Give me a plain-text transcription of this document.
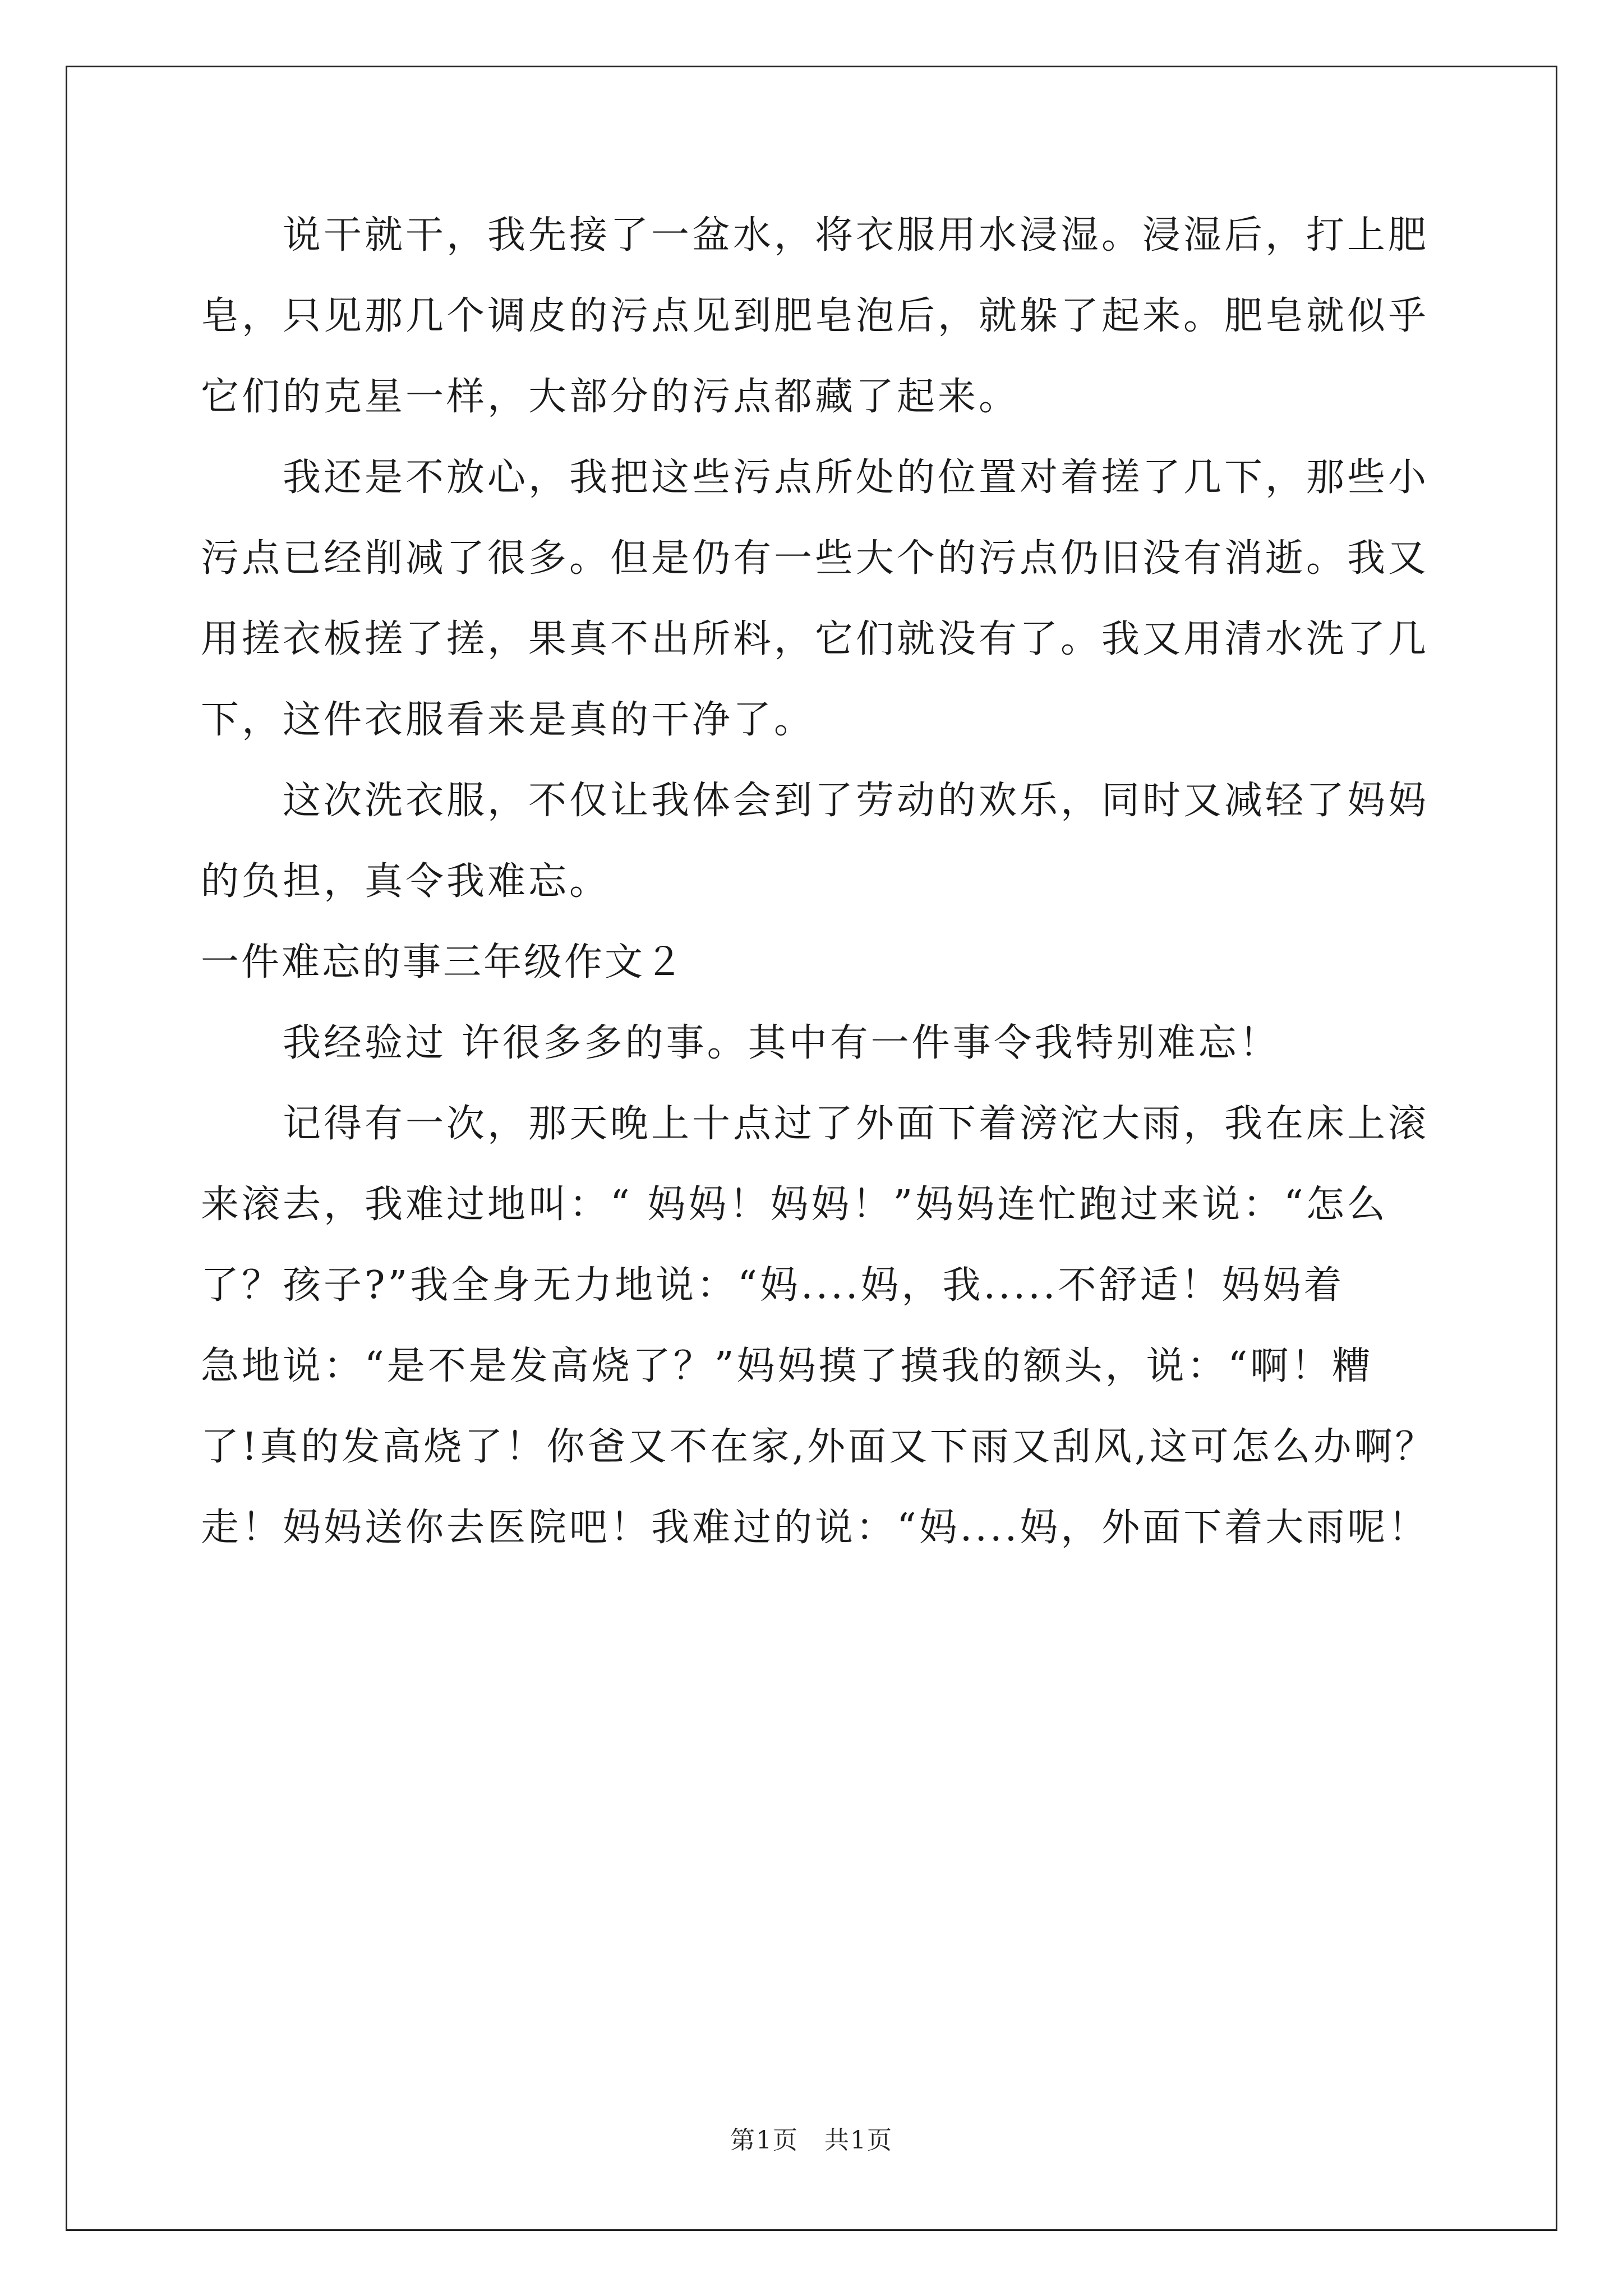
说干就干，我先接了一盆水，将衣服用水浸湿。浸湿后，打上肥
皂，只见那几个调皮的污点见到肥皂泡后，就躲了起来。肥皂就似乎
它们的克星一样，大部分的污点都藏了起来。
我还是不放心，我把这些污点所处的位置对着搓了几下，那些小
污点已经削减了很多。但是仍有一些大个的污点仍旧没有消逝。我又
用搓衣板搓了搓，果真不出所料，它们就没有了。我又用清水洗了几
下，这件衣服看来是真的干净了。
这次洗衣服，不仅让我体会到了劳动的欢乐，同时又减轻了妈妈
的负担，真令我难忘。
一件难忘的事三年级作文２
我经验过 许很多多的事。其中有一件事令我特别难忘！
记得有一次，那天晚上十点过了外面下着滂沱大雨，我在床上滚
来滚去，我难过地叫：“ 妈妈！妈妈！”妈妈连忙跑过来说：“怎么
了？孩子?”我全身无力地说：“妈....妈，我.....不舒适！妈妈着
急地说：“是不是发高烧了？”妈妈摸了摸我的额头，说：“啊！糟
了!真的发高烧了！你爸又不在家,外面又下雨又刮风,这可怎么办啊？
走！妈妈送你去医院吧！我难过的说：“妈....妈，外面下着大雨呢！
第1页　共1页
